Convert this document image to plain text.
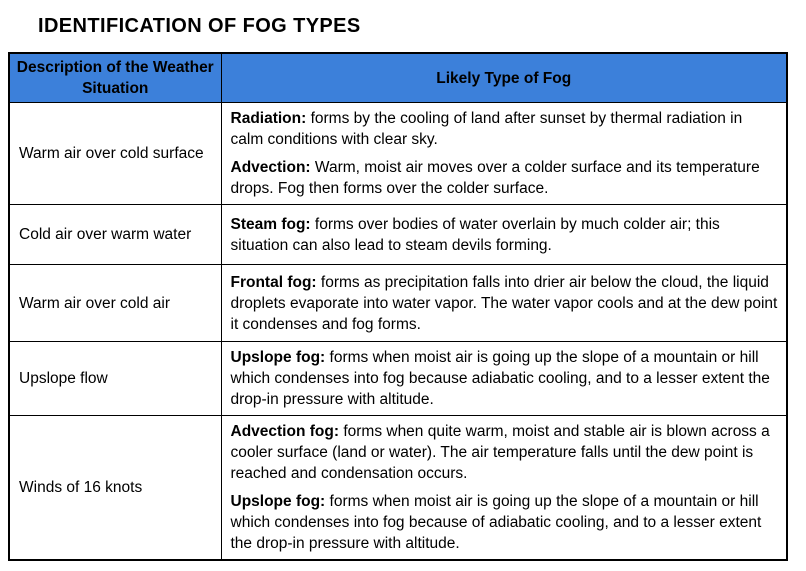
IDENTIFICATION OF FOG TYPES
Description of the Weather Situation	Likely Type of Fog
Warm air over cold surface	Radiation: forms by the cooling of land after sunset by thermal radiation in calm conditions with clear sky.

Advection: Warm, moist air moves over a colder surface and its temperature drops. Fog then forms over the colder surface.

Cold air over warm water	Steam fog: forms over bodies of water overlain by much colder air; this situation can also lead to steam devils forming.

Warm air over cold air	Frontal fog: forms as precipitation falls into drier air below the cloud, the liquid droplets evaporate into water vapor. The water vapor cools and at the dew point it condenses and fog forms.

Upslope flow	Upslope fog: forms when moist air is going up the slope of a mountain or hill which condenses into fog because adiabatic cooling, and to a lesser extent the drop-in pressure with altitude.

Winds of 16 knots	Advection fog: forms when quite warm, moist and stable air is blown across a cooler surface (land or water). The air temperature falls until the dew point is reached and condensation occurs.

Upslope fog: forms when moist air is going up the slope of a mountain or hill which condenses into fog because of adiabatic cooling, and to a lesser extent the drop-in pressure with altitude.
